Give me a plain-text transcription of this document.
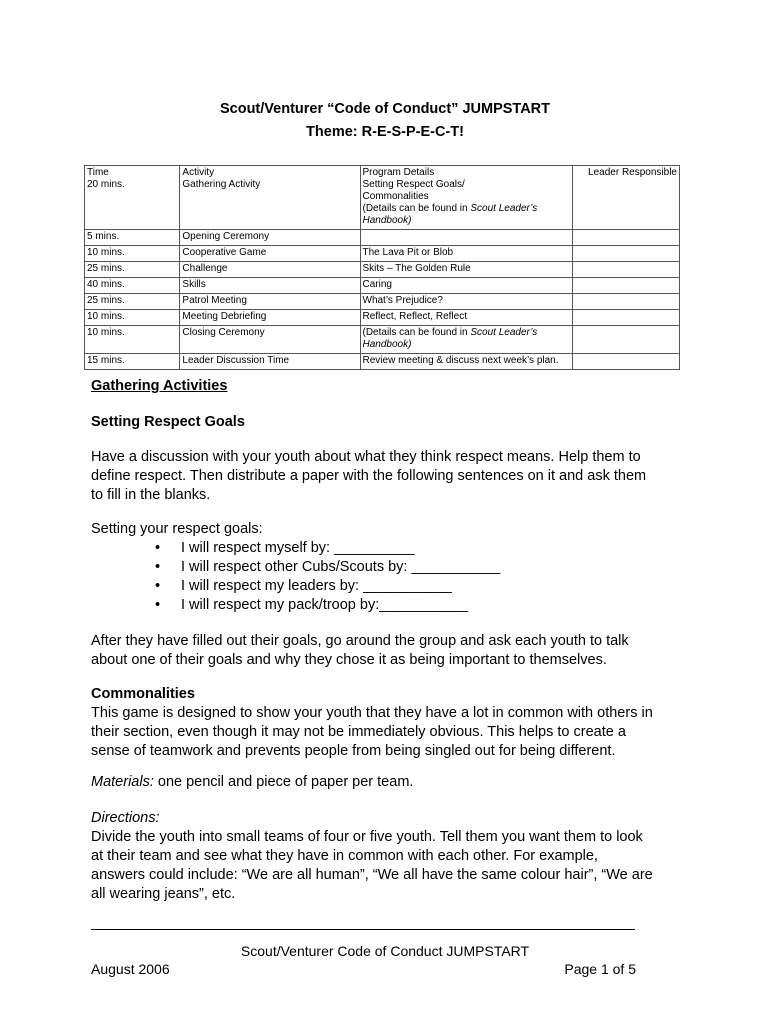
Scout/Venturer “Code of Conduct” JUMPSTART
Theme: R-E-S-P-E-C-T!
Time	Activity	Program Details	Leader Responsible
20 mins.	Gathering Activity	Setting Respect Goals/
Commonalities
(Details can be found in Scout Leader’s
Handbook)	

5 mins.	Opening Ceremony		
10 mins.	Cooperative Game	The Lava Pit or Blob	

25 mins.	Challenge	Skits – The Golden Rule	

40 mins.	Skills	Caring	

25 mins.	Patrol Meeting	What’s Prejudice?	

10 mins.	Meeting Debriefing	Reflect, Reflect, Reflect	

10 mins.	Closing Ceremony	(Details can be found in Scout Leader’s
Handbook)	

15 mins.	Leader Discussion Time	Review meeting & discuss next week’s plan.	

Gathering Activities
Setting Respect Goals
Have a discussion with your youth about what they think respect means. Help them to
define respect. Then distribute a paper with the following sentences on it and ask them
to fill in the blanks.
Setting your respect goals:
• I will respect myself by: __________
• I will respect other Cubs/Scouts by: ___________
• I will respect my leaders by: ___________
• I will respect my pack/troop by:___________
After they have filled out their goals, go around the group and ask each youth to talk
about one of their goals and why they chose it as being important to themselves.
Commonalities
This game is designed to show your youth that they have a lot in common with others in
their section, even though it may not be immediately obvious. This helps to create a
sense of teamwork and prevents people from being singled out for being different.
Materials: one pencil and piece of paper per team.
Directions:
Divide the youth into small teams of four or five youth. Tell them you want them to look
at their team and see what they have in common with each other. For example,
answers could include: “We are all human”, “We all have the same colour hair”, “We are
all wearing jeans”, etc.
Scout/Venturer Code of Conduct JUMPSTART
August 2006	Page 1 of 5
